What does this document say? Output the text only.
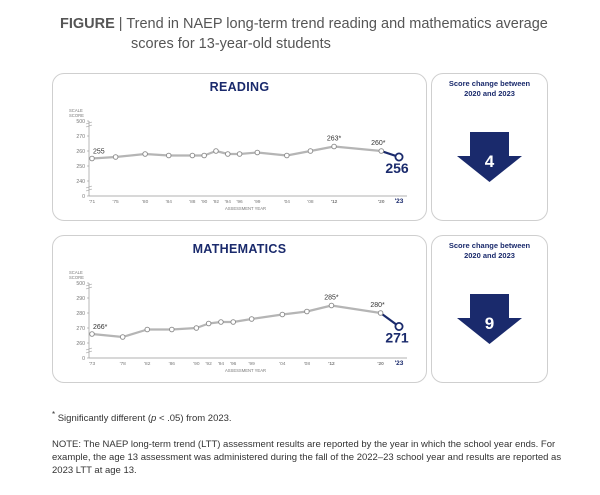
FIGURE | Trend in NAEP long-term trend reading and mathematics average
scores for 13-year-old students
READING
SCALE
SCORE
500
270
260
250
240
0
'71	'75	'80	'84	'88 '90 '92 '94 '96 '99	'04	'08	'12	'20 '23
ASSESSMENT YEAR
255
263*
260*
256
Score change between 2020 and 2023
4
MATHEMATICS
SCALE
SCORE
500
290
280
270
260
0
'73	'78	'82	'86	'90 '92 '94 '96	'99	'04	'08	'12	'20 '23
ASSESSMENT YEAR
266*
285*
280*
271
Score change between 2020 and 2023
9
* Significantly different (p < .05) from 2023.
NOTE: The NAEP long-term trend (LTT) assessment results are reported by the year in which the school year ends. For example, the age 13 assessment was administered during the fall of the 2022–23 school year and results are reported as 2023 LTT at age 13.
